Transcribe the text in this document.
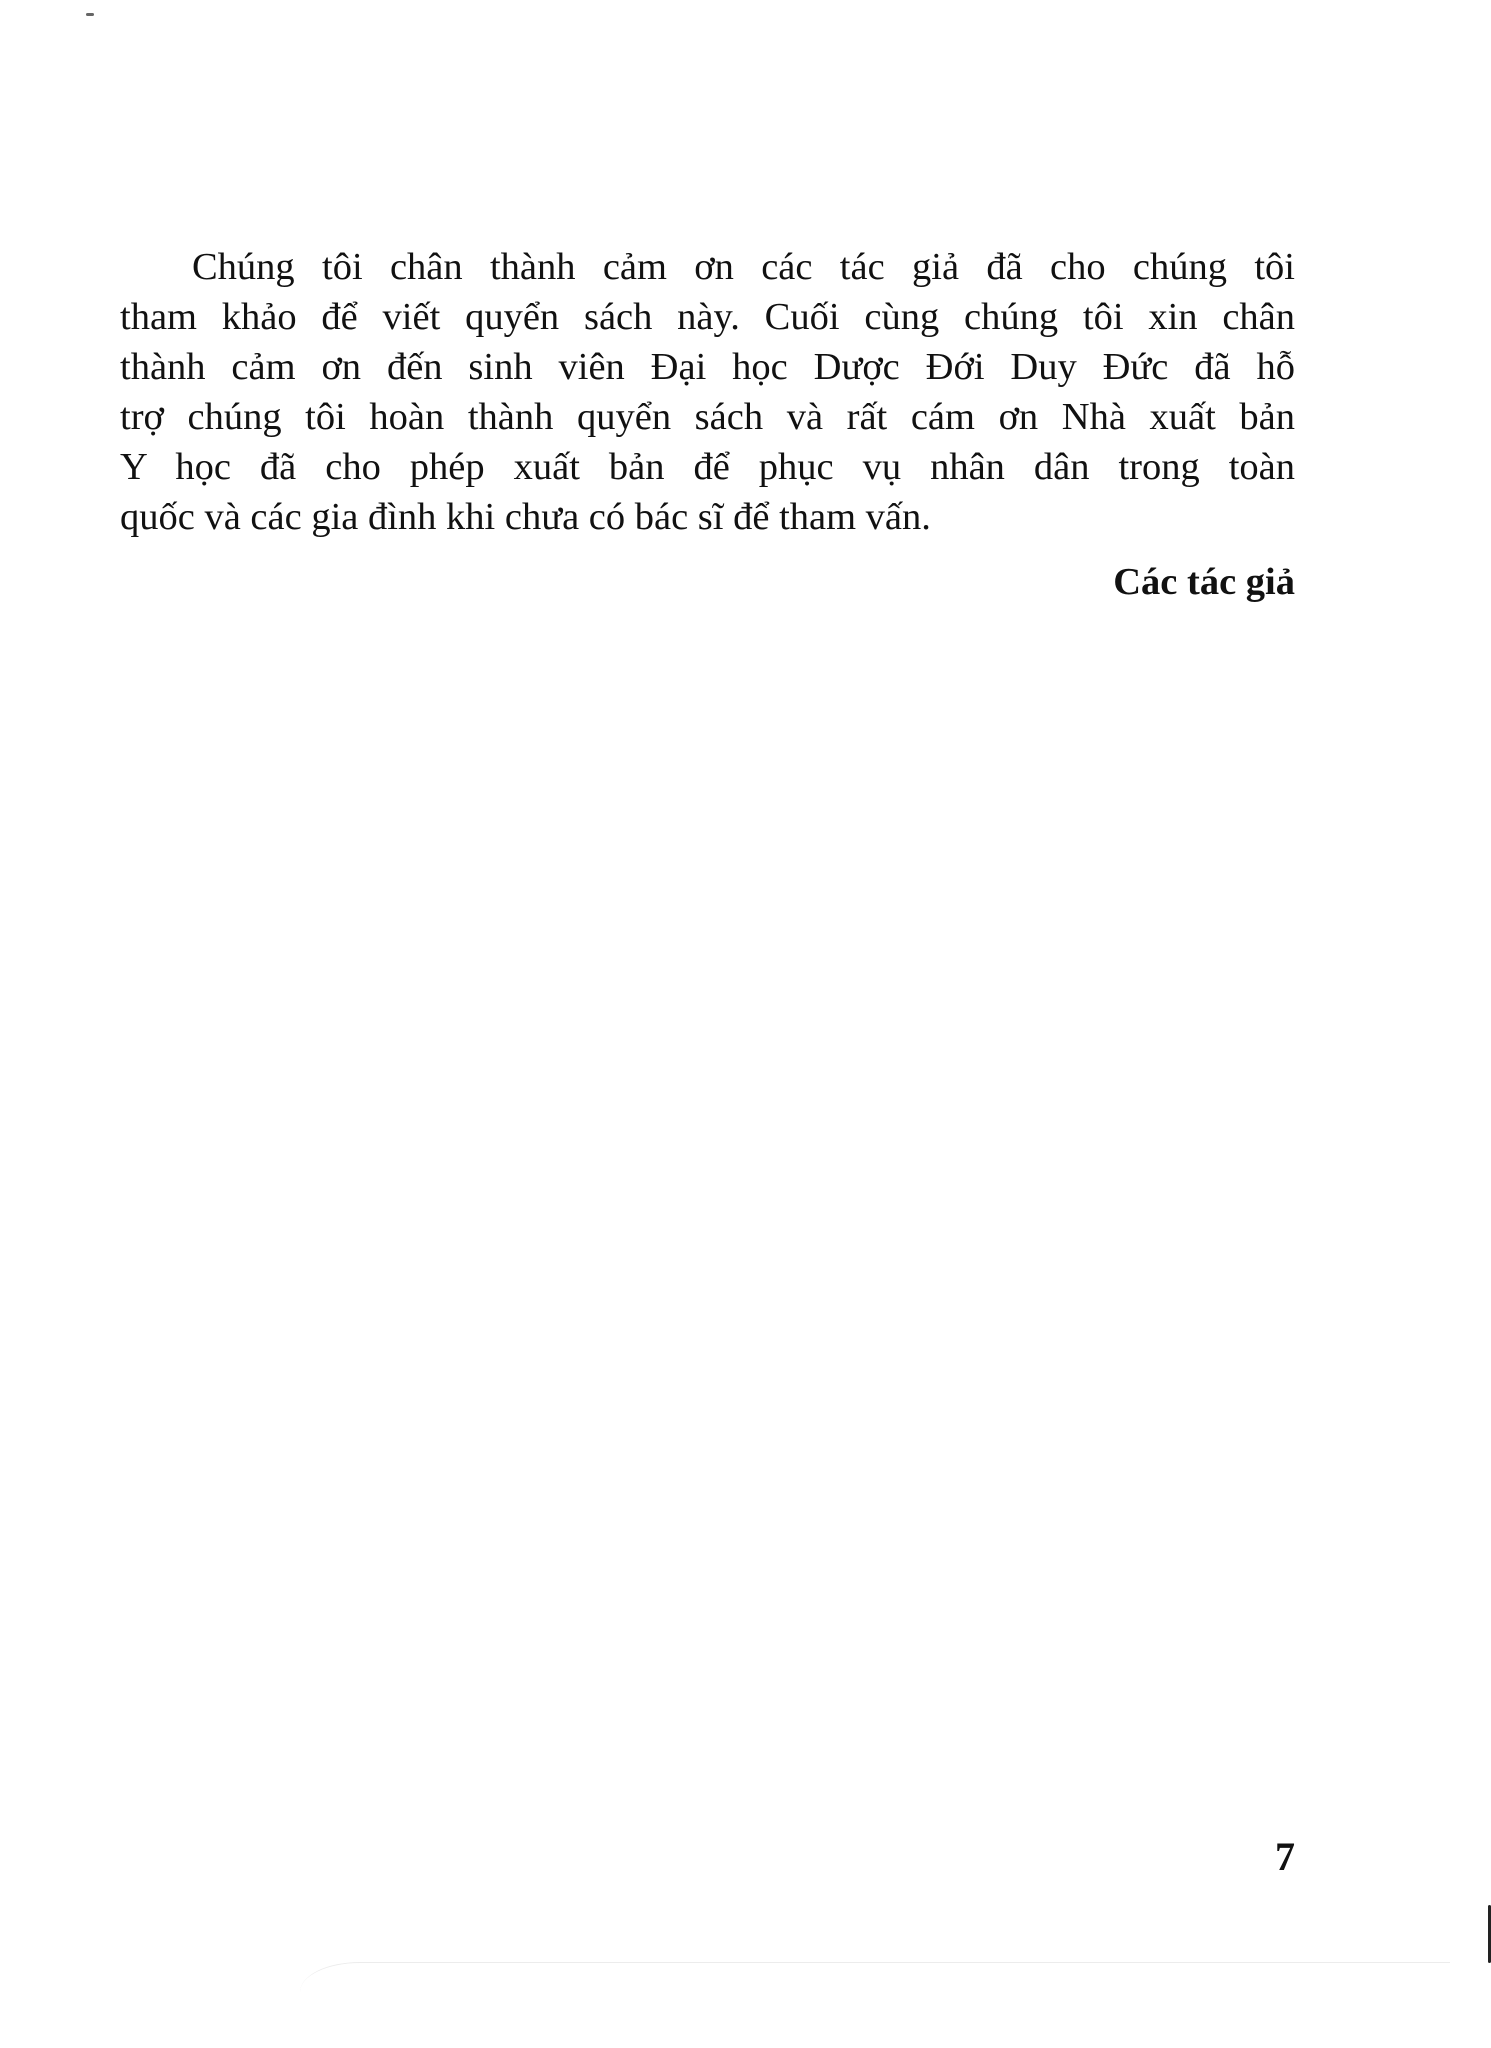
Chúng tôi chân thành cảm ơn các tác giả đã cho chúng tôi
tham khảo để viết quyển sách này. Cuối cùng chúng tôi xin chân
thành cảm ơn đến sinh viên Đại học Dược Đới Duy Đức đã hỗ
trợ chúng tôi hoàn thành quyển sách và rất cám ơn Nhà xuất bản
Y học đã cho phép xuất bản để phục vụ nhân dân trong toàn
quốc và các gia đình khi chưa có bác sĩ để tham vấn.
Các tác giả
7
